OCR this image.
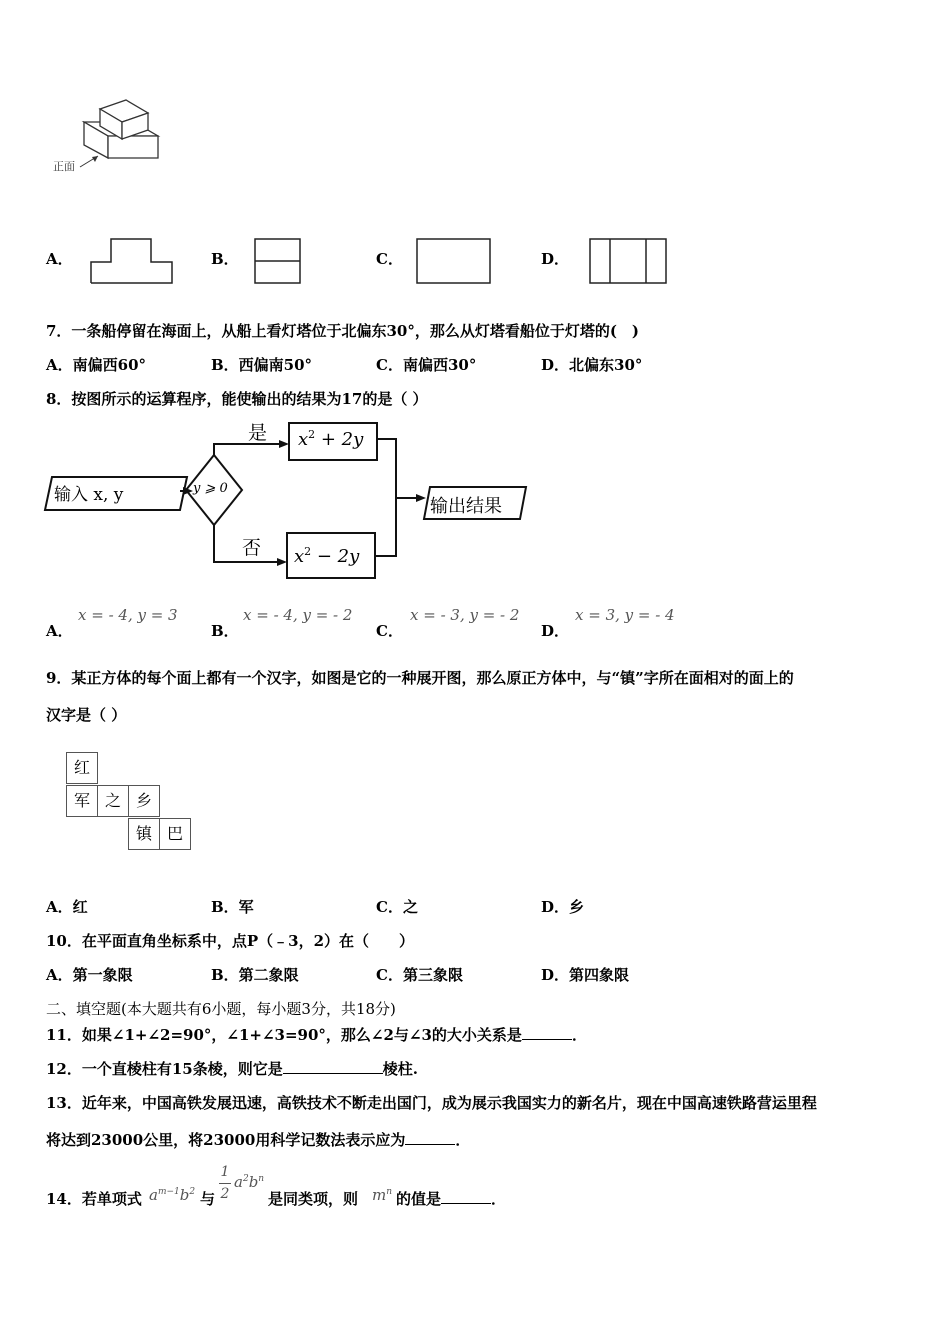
正面
A．	B．	C．	D．
7．一条船停留在海面上，从船上看灯塔位于北偏东30°，那么从灯塔看船位于灯塔的(　)
A．南偏西60°	B．西偏南50°	C．南偏西30°	D．北偏东30°
8．按图所示的运算程序，能使输出的结果为17的是（ ）
是
否
输入 x, y	y ⩾ 0
$x^2 + 2y$
$x^2 - 2y$
输出结果
A．
x = - 4, y = 3
B．
x = - 4, y = - 2
C．
x = - 3, y = - 2
D．
x = 3, y = - 4
9．某正方体的每个面上都有一个汉字，如图是它的一种展开图，那么原正方体中，与“镇”字所在面相对的面上的
汉字是（ ）
红
军 之 乡
镇 巴
A．红	B．军	C．之	D．乡
10．在平面直角坐标系中，点P（﹣3，2）在（　　）
A．第一象限	B．第二象限	C．第三象限	D．第四象限
二、填空题(本大题共有6小题，每小题3分，共18分)
11．如果∠1+∠2=90°，∠1+∠3=90°，那么∠2与∠3的大小关系是	．
12．一个直棱柱有15条棱，则它是	棱柱.
13．近年来，中国高铁发展迅速，高铁技术不断走出国门，成为展示我国实力的新名片，现在中国高速铁路营运里程
将达到23000公里，将23000用科学记数法表示应为	．
14．若单项式 $a^{m-1}b^2$ 与
1
2
$a^2b^n$
是同类项，则 $m^n$ 的值是	．
